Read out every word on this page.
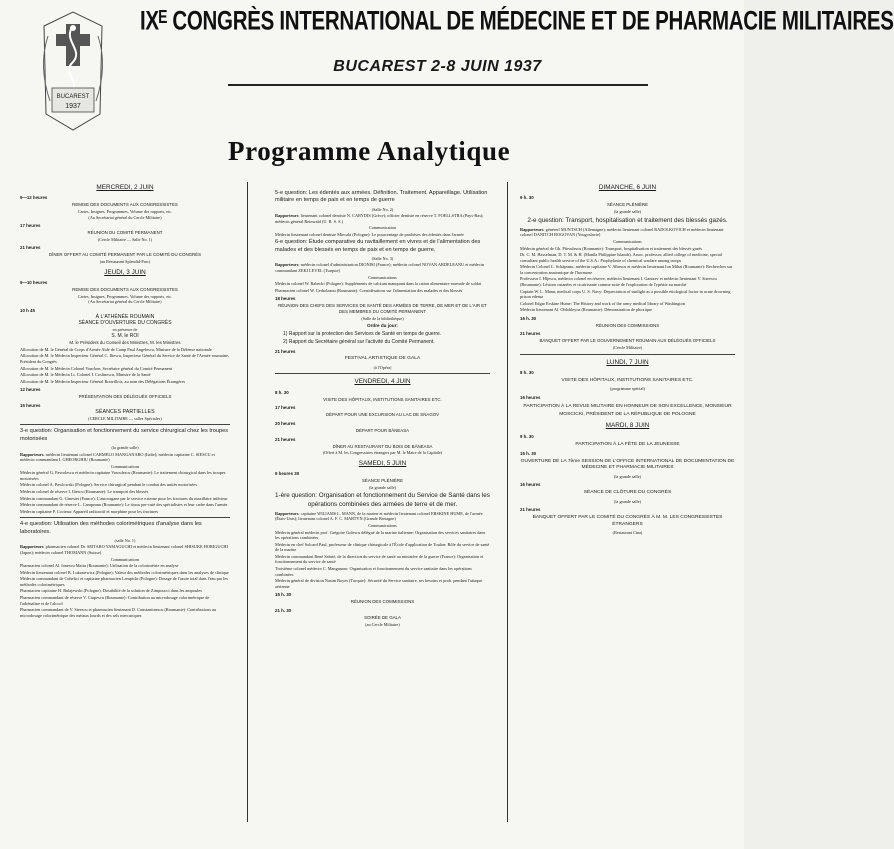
BUCAREST
1937
IXᴱ CONGRÈS INTERNATIONAL DE MÉDECINE ET DE PHARMACIE MILITAIRES
BUCAREST 2-8 JUIN 1937
Programme Analytique
MERCREDI, 2 JUIN
9—12 heures
REMISE DES DOCUMENTS AUX CONGRESSISTES
Cartes, Insignes, Programmes, Volume des rapports, etc.
(Au Secrétariat général du Cercle Militaire)
17 heures
RÉUNION DU COMITÉ PERMANENT
(Cercle Militaire — Salle No. 1)
21 heures
DÎNER OFFERT AU COMITÉ PERMANENT PAR LE COMITÉ DU CONGRÈS
(au Restaurant Splendid-Parc)
JEUDI, 3 JUIN
9—10 heures
REMISE DES DOCUMENTS AUX CONGRESSISTES
Cartes, Insignes, Programmes, Volume des rapports, etc.
(Au Secrétariat général du Cercle Militaire)
10 h 45
À L'ATHÉNÉE ROUMAIN
SÉANCE D'OUVERTURE DU CONGRÈS
en présence de
S. M. le ROI
M. le Président du Conseil des Ministres, M. les Ministres
Allocution de M. le Général de Corps d'Armée Aide de Camp Paul Angelescu, Ministre de la Défense nationale
Allocution de M. le Médecin Inspecteur Général C. Iliescu, Inspecteur Général du Service de Santé de l'Armée roumaine, Président du Congrès
Allocution de M. le Médecin Colonel Voncken, Secrétaire général du Comité Permanent
Allocution de M. le Médecin Lt. Colonel I. Coslinescu, Ministre de la Santé
Allocution de M. le Médecin Inspecteur Général Rouvillois, au nom des Délégations Étrangères
12 heures
PRÉSENTATION DES DÉLÉGUÉS OFFICIELS
15 heures
SÉANCES PARTIELLES
(CERCLE MILITAIRE — salles Spéciales)
3-e question: Organisation et fonctionnement du service chirurgical chez les troupes motorisées
(la grande salle)
Rapporteurs: médecin lieutenant colonel CARMELO MANGANARO (Italie); médecin capitaine C. SIESCU et médecin commandant I. GHEORGHIU (Roumanie)
Communications
Médecin général G. Pavrolescu et médecin capitaine Vasculescu (Roumanie): Le traitement chirurgical dans les troupes motorisées
Médecin colonel A. Pawlowski (Pologne): Service chirurgical pendant le combat des unités motorisées
Médecin colonel de réserve I. Iliescu (Roumanie): Le transport des blessés
Médecin commandant G. Ginestet (France): L'autoorgane par le service externe pour les fractures du maxillaire inférieur
Médecin commandant de réserve L. Campeanu (Roumanie): Le tissus per-cuté des spécialistes et leur cadre dans l'armée
Médecin capitaine P. Cocteau: Appareil radioactif et morphine pour les fractures
4-e question: Utilisation des méthodes colorimétriques d'analyse dans les laboratoires.
(salle No. 1)
Rapporteurs: pharmacien colonel Dr. SEITARO YAMAGUCHI et médecin lieutenant colonel SHISUKE HORIGUCHI (Japon); médecin colonel THOMANN (Suisse)
Communications
Pharmacien colonel Al. Ionescu Matiu (Roumanie): Utilisation de la colorimétrie en analyse
Médecin lieutenant colonel B. Lukasiewicz (Pologne): Valeur des méthodes colorimétriques dans les analyses de clinique
Médecin commandant de Cuhelici et capitaine pharmacien Lempicki (Pologne): Dosage de l'azote total dans l'eau par les méthodes colorimétriques
Pharmacien capitaine H. Bulajewski (Pologne): Dosabilité de la solution de Zimpoucci dans les ampoules
Pharmacien commandant de réserve V. Ciupescu (Roumanie): Contribution au microdosage colorimétrique de l'adrénaline et de l'alcool
Pharmacien commandant de V. Steescu et pharmacien lieutenant D. Constantinescu (Roumanie): Contributions au microdosage colorimétrique des métaux lourds et des sels mercuriques
5-e question: Les édentés aux armées. Définition. Traitement. Appareillage. Utilisation militaire en temps de paix et en temps de guerre
(Salle No. 2)
Rapporteurs: lieutenant colonel dentiste N. CARYDIS (Grèce); officier dentiste en réserve T. FOELLSTRA (Pays-Bas); médecin général Reinwald (U. R. S. S.)
Communication
Médecin lieutenant colonel dentiste Mieczki (Pologne): Le pourcentage de prothèses des édentés dans l'armée
6-e question: Étude comparative du ravitaillement en vivres et de l'alimentation des malades et des blessés en temps de paix et en temps de guerre.
(Salle No. 3)
Rapporteurs: médecin colonel d'administration DIONISI (France); médecin colonel NOVAN ARDELEANU et médecin commandant ZEKI LEVEL (Turquie)
Communications
Médecin colonel W. Rabecki (Pologne): Suppléments de calcium manquant dans la ration alimentaire normale de soldat
Pharmacien colonel W. Cerboleanu (Roumanie): Considérations sur l'alimentation des malades et des blessés
18 heures
RÉUNION DES CHEFS DES SERVICES DE SANTÉ DES ARMÉES DE TERRE, DE MER ET DE L'AIR ET DES MEMBRES DU COMITÉ PERMANENT
(Salle de la bibliothèque)
Ordre du jour:
1) Rapport sur la protection des Services de Santé en temps de guerre.
2) Rapport du Secrétaire général sur l'activité du Comité Permanent.
21 heures
FESTIVAL ARTISTIQUE DE GALA
(à l'Opéra)
VENDREDI, 4 JUIN
8 h. 30
VISITE DES HÔPITAUX, INSTITUTIONS SANITAIRES ETC.
17 heures
DÉPART POUR UNE EXCURSION AU LAC DE SNAGOV
20 heures
DÉPART POUR BĂNEASA
21 heures
DÎNER AU RESTAURANT DU BOIS DE BĂNEASA
(Offert à M. les Congressistes étrangers par M. le Maire de la Capitale)
SAMEDI, 5 JUIN
9 heures 30
SÉANCE PLÉNIÈRE
(la grande salle)
1-ère question: Organisation et fonctionnement du Service de Santé dans les opérations combinées des armées de terre et de mer.
Rapporteurs: capitaine WILIAMS L. MANN, de la marine et médecin lieutenant colonel ERSKINE HUME, de l'armée (États-Unis); lieutenant colonel A. F. C. MARTYN (Grande Bretagne)
Communications
Médecin général médecin prof. Grégoire Golescu délégué de la marine italienne: Organisation des services sanitaires dans les opérations combinées
Médecin en chef Solcard Paul, professeur de clinique chirurgicale à l'École d'application de Toulon: Rôle du service de santé de la marine
Médecin commandant René Sabrié, de la direction du service de santé au ministère de la guerre (France): Organisation et fonctionnement du service de santé
Troisième colonel médecin C. Manganaro: Organisation et fonctionnement du service sanitaire dans les opérations combinées
Médecin général de division Nasim Boyes (Turquie): Sécurité du Service sanitaire, ses besoins et prob. pendant l'attaque aérienne
15 h. 30
RÉUNION DES COMMISSIONS
21 h. 30
SOIRÉE DE GALA
(au Cercle Militaire)
DIMANCHE, 6 JUIN
9 h. 30
SÉANCE PLÉNIÈRE
(la grande salle)
2-e question: Transport, hospitalisation et traitement des blessés gazés.
Rapporteurs: générerl MUNTSCH (Allemagne); médecin lieutenant colonel RADOLKOVICH et médecin lieutenant colonel DANITCH ROGOVAN (Yougoslavie)
Communications
Médecin général de Gh. Pârvulescu (Roumanie): Transport, hospitalisation et traitement des blessés gazés
Dr. C. M. Hasselman, D. T. M. & H. (Manila Philippine Islands). Assoc. professor, allied college of medicine, special consultant public health service of the U.S.A.: Prophylaxie of chemical warfare among troops
Médecin Colonel C. Schăţeanu, médecin capitaine V. Albescu et médecin lieutenant Ion Mihai (Roumanie): Recherches sur la concentration anatomique de l'hormone
Professeur I. Hîjescu, médecin colonel en réserve, médecin lieutenant I. Gantzev et médecin lieutenant V. Streescu (Roumanie): Lésions cutanées et cicatrisante comme suite de l'exploration de l'ypérite au marché
Captain W. L. Mann, medical corps U. S. Navy: Depreciation of sunlight as a possible etiological factor in acute drowning prison edema
Colonel Edgar Erskine Hume: The History and work of the army medical library of Washington
Médecin lieutenant Al. Oldobleyoa (Roumanie): Démonstration de phoxique
16 h. 30
RÉUNION DES COMMISSIONS
21 heures
BANQUET OFFERT PAR LE GOUVERNEMENT ROUMAIN AUX DÉLÉGUÉS OFFICIELS
(Cercle Militaire)
LUNDI, 7 JUIN
8 h. 30
VISITE DES HÔPITAUX, INSTITUTIONS SANITAIRES ETC.
(programme spécial)
16 heures
PARTICIPATION À LA REVUE MILITAIRE EN HONNEUR DE SON EXCELLENCE, MONSIEUR MOSCICKI, PRÉSIDENT DE LA RÉPUBLIQUE DE POLOGNE
MARDI, 8 JUIN
9 h. 30
PARTICIPATION À LA FÊTE DE LA JEUNESSE
15 h. 30
OUVERTURE DE LA 7ème SESSION DE L'OFFICE INTERNATIONAL DE DOCUMENTATION DE MÉDECINE ET PHARMACIE MILITAIRES
(la grande salle)
16 heures
SÉANCE DE CLÔTURE DU CONGRÈS
(la grande salle)
21 heures
BANQUET OFFERT PAR LE COMITÉ DU CONGRÈS À M. M. LES CONGRESSISTES ÉTRANGERS
(Restaurant Cina)
